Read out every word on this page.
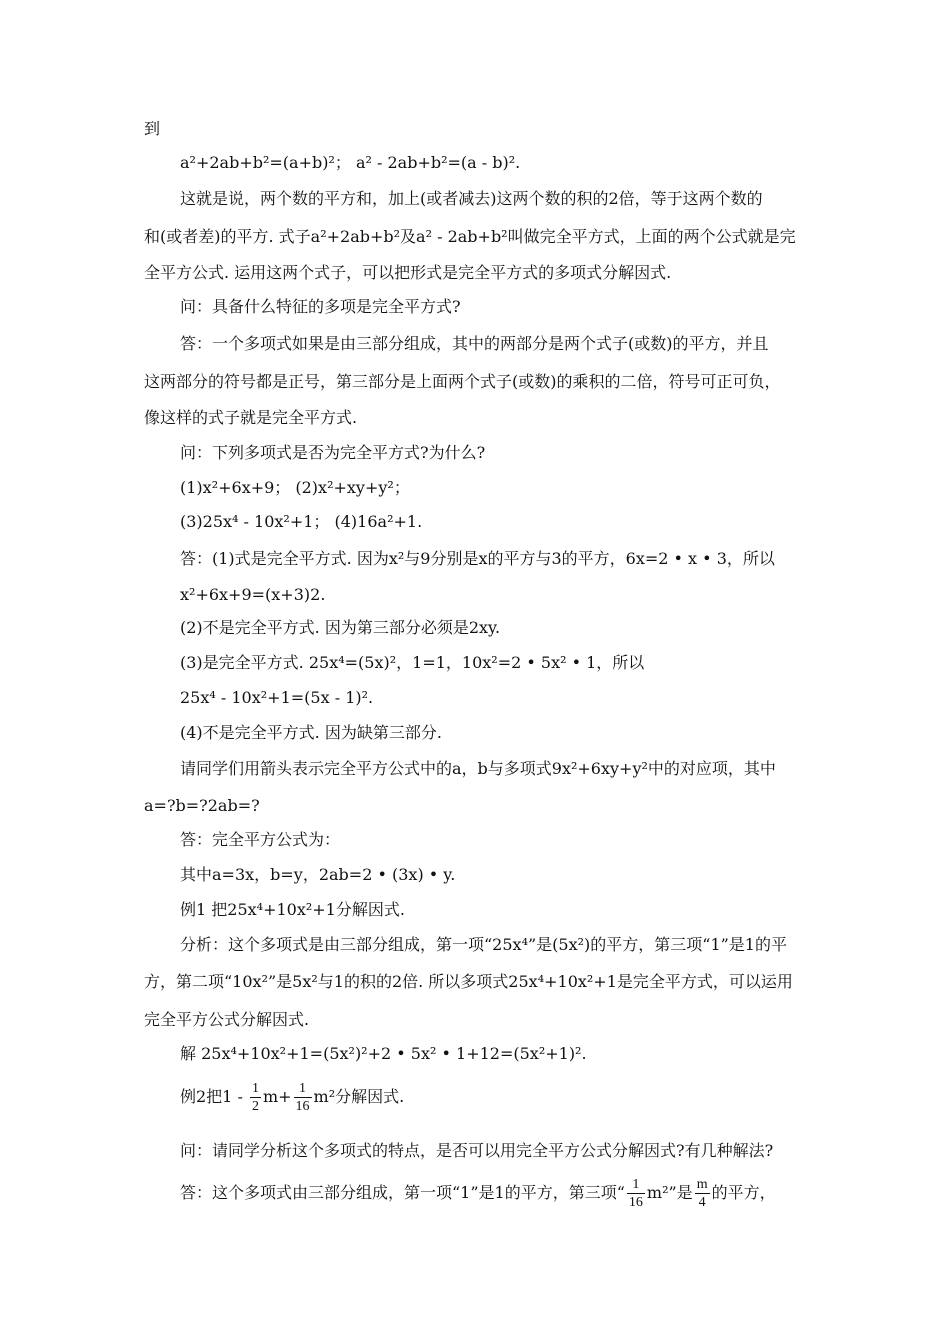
到
a²+2ab+b²=(a+b)²； a² - 2ab+b²=(a - b)².
这就是说，两个数的平方和，加上(或者减去)这两个数的积的2倍，等于这两个数的
和(或者差)的平方. 式子a²+2ab+b²及a² - 2ab+b²叫做完全平方式，上面的两个公式就是完
全平方公式. 运用这两个式子，可以把形式是完全平方式的多项式分解因式.
问：具备什么特征的多项是完全平方式?
答：一个多项式如果是由三部分组成，其中的两部分是两个式子(或数)的平方，并且
这两部分的符号都是正号，第三部分是上面两个式子(或数)的乘积的二倍，符号可正可负，
像这样的式子就是完全平方式.
问：下列多项式是否为完全平方式?为什么?
(1)x²+6x+9； (2)x²+xy+y²；
(3)25x⁴ - 10x²+1； (4)16a²+1.
答：(1)式是完全平方式. 因为x²与9分别是x的平方与3的平方，6x=2 • x • 3，所以
x²+6x+9=(x+3)2.
(2)不是完全平方式. 因为第三部分必须是2xy.
(3)是完全平方式. 25x⁴=(5x)²，1=1，10x²=2 • 5x² • 1，所以
25x⁴ - 10x²+1=(5x - 1)².
(4)不是完全平方式. 因为缺第三部分.
请同学们用箭头表示完全平方公式中的a，b与多项式9x²+6xy+y²中的对应项，其中
a=?b=?2ab=?
答：完全平方公式为：
其中a=3x，b=y，2ab=2 • (3x) • y.
例1 把25x⁴+10x²+1分解因式.
分析：这个多项式是由三部分组成，第一项“25x⁴”是(5x²)的平方，第三项“1”是1的平
方，第二项“10x²”是5x²与1的积的2倍. 所以多项式25x⁴+10x²+1是完全平方式，可以运用
完全平方公式分解因式.
解 25x⁴+10x²+1=(5x²)²+2 • 5x² • 1+12=(5x²+1)².
例2把$1 - \frac{1}{2} m+ \frac{1}{16} m^2$分解因式.
问：请同学分析这个多项式的特点，是否可以用完全平方公式分解因式?有几种解法?
答：这个多项式由三部分组成，第一项“1”是1的平方，第三项“ $\frac{1}{16} m^2$”是 $\frac{m}{4}$ 的平方，
